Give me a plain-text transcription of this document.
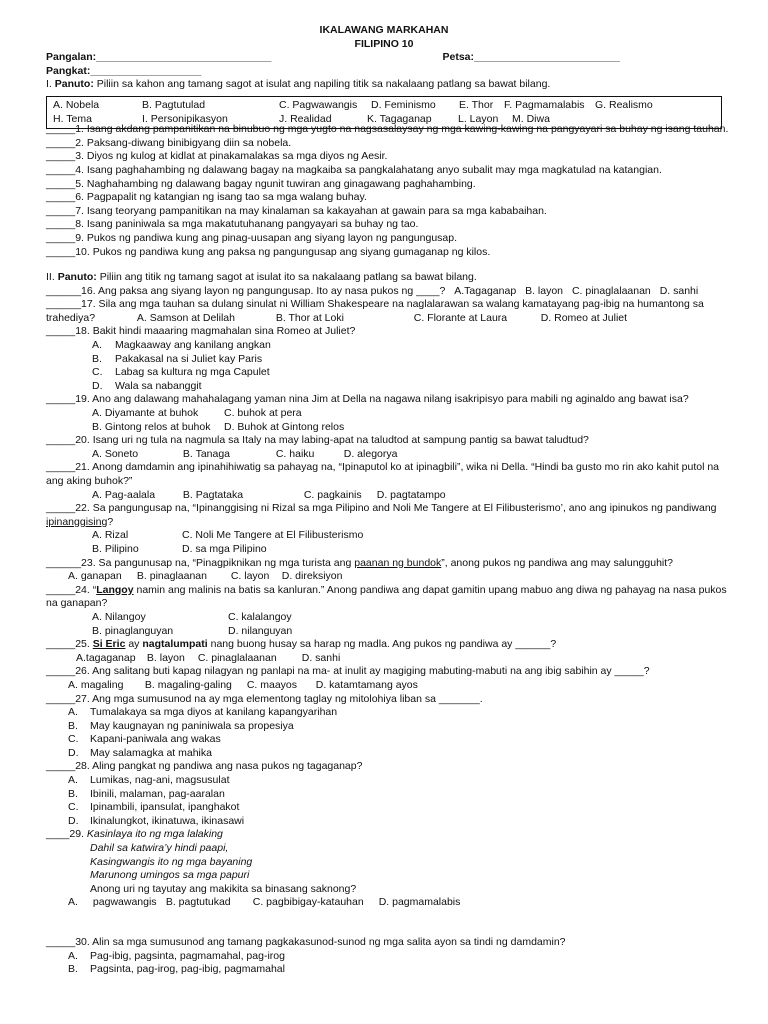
IKALAWANG MARKAHAN
FILIPINO 10
Pangalan:______________________________	Petsa:_________________________
Pangkat:___________________
I. Panuto: Piliin sa kahon ang tamang sagot at isulat ang napiling titik sa nakalaang patlang sa bawat bilang.
A. Nobela	B. Pagtutulad	C. Pagwawangis	D. Feminismo	E. Thor	F. Pagmamalabis G. Realismo
H. Tema	I. Personipikasyon	J. Realidad	K. Tagaganap	L. Layon	M. Diwa
_____1. Isang akdang pampanitikan na binubuo ng mga yugto na nagsasalaysay ng mga kawing-kawing na pangyayari sa buhay ng isang tauhan.
_____2. Paksang-diwang binibigyang diin sa nobela.
_____3. Diyos ng kulog at kidlat at pinakamalakas sa mga diyos ng Aesir.
_____4. Isang paghahambing ng dalawang bagay na magkaiba sa pangkalahatang anyo subalit may mga magkatulad na katangian.
_____5. Naghahambing ng dalawang bagay ngunit tuwiran ang ginagawang paghahambing.
_____6. Pagpapalit ng katangian ng isang tao sa mga walang buhay.
_____7. Isang teoryang pampanitikan na may kinalaman sa kakayahan at gawain para sa mga kababaihan.
_____8. Isang paniniwala sa mga makatutuhanang pangyayari sa buhay ng tao.
_____9. Pukos ng pandiwa kung ang pinag-uusapan ang siyang layon ng pangungusap.
_____10. Pukos ng pandiwa kung ang paksa ng pangungusap ang siyang gumaganap ng kilos.
II. Panuto: Piliin ang titik ng tamang sagot at isulat ito sa nakalaang patlang sa bawat bilang.
______16. Ang paksa ang siyang layon ng pangungusap. Ito ay nasa pukos ng ____? A.Tagaganap B. layon C. pinaglalaanan D. sanhi
______17. Sila ang mga tauhan sa dulang sinulat ni William Shakespeare na naglalarawan sa walang kamatayang pag-ibig na humantong sa
trahediya?	A. Samson at Delilah	B. Thor at Loki	C. Florante at Laura	D. Romeo at Juliet
_____18. Bakit hindi maaaring magmahalan sina Romeo at Juliet?
A. Magkaaway ang kanilang angkan
B. Pakakasal na si Juliet kay Paris
C. Labag sa kultura ng mga Capulet
D. Wala sa nabanggit
_____19. Ano ang dalawang mahahalagang yaman nina Jim at Della na nagawa nilang isakripisyo para mabili ng aginaldo ang bawat isa?
A. Diyamante at buhok C. buhok at pera
B. Gintong relos at buhok D. Buhok at Gintong relos
_____20. Isang uri ng tula na nagmula sa Italy na may labing-apat na taludtod at sampung pantig sa bawat taludtud?
A. Soneto	B. Tanaga	C. haiku	D. alegorya
_____21. Anong damdamin ang ipinahihiwatig sa pahayag na, “Ipinaputol ko at ipinagbili”, wika ni Della. “Hindi ba gusto mo rin ako kahit putol na
ang aking buhok?”
A. Pag-aalala	B. Pagtataka	C. pagkainis D. pagtatampo
_____22. Sa pangungusap na, “Ipinanggising ni Rizal sa mga Pilipino and Noli Me Tangere at El Filibusterismo’, ano ang ipinukos ng pandiwang
ipinanggising?
A. Rizal	C. Noli Me Tangere at El Filibusterismo
B. Pilipino	D. sa mga Pilipino
______23. Sa pangunusap na, “Pinagpiknikan ng mga turista ang paanan ng bundok”, anong pukos ng pandiwa ang may salungguhit?
A. ganapan B. pinaglaanan C. layon D. direksiyon
_____24. “Langoy namin ang malinis na batis sa kanluran.” Anong pandiwa ang dapat gamitin upang mabuo ang diwa ng pahayag na nasa pukos
na ganapan?
A. Nilangoy	C. kalalangoy
B. pinaglanguyan	D. nilanguyan
_____25. Si Eric ay nagtalumpati nang buong husay sa harap ng madla. Ang pukos ng pandiwa ay ______?
A.tagaganap B. layon C. pinaglalaanan D. sanhi
_____26. Ang salitang buti kapag nilagyan ng panlapi na ma- at inulit ay magiging mabuting-mabuti na ang ibig sabihin ay _____?
A. magaling B. magaling-galing C. maayos D. katamtamang ayos
_____27. Ang mga sumusunod na ay mga elementong taglay ng mitolohiya liban sa _______.
A. Tumalakaya sa mga diyos at kanilang kapangyarihan
B. May kaugnayan ng paniniwala sa propesiya
C. Kapani-paniwala ang wakas
D. May salamagka at mahika
_____28. Aling pangkat ng pandiwa ang nasa pukos ng tagaganap?
A. Lumikas, nag-ani, magsusulat
B. Ibinili, malaman, pag-aaralan
C. Ipinambili, ipansulat, ipanghakot
D. Ikinalungkot, ikinatuwa, ikinasawi
____29. Kasinlaya ito ng mga lalaking
Dahil sa katwira’y hindi paapi,
Kasingwangis ito ng mga bayaning
Marunong umingos sa mga papuri
Anong uri ng tayutay ang makikita sa binasang saknong?
A. pagwawangis B. pagtutukad C. pagbibigay-katauhan D. pagmamalabis
_____30. Alin sa mga sumusunod ang tamang pagkakasunod-sunod ng mga salita ayon sa tindi ng damdamin?
A. Pag-ibig, pagsinta, pagmamahal, pag-irog
B. Pagsinta, pag-irog, pag-ibig, pagmamahal
